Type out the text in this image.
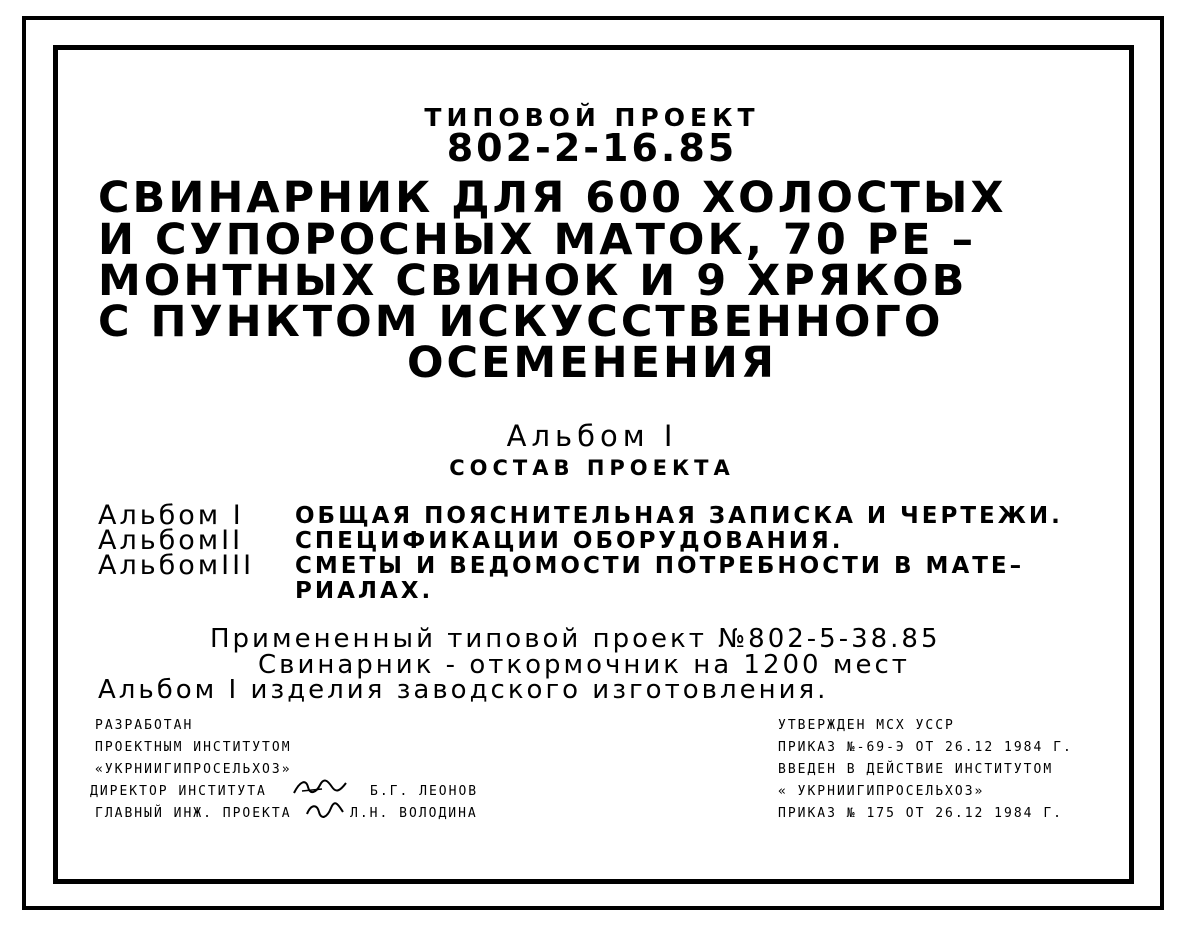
ТИПОВОЙ ПРОЕКТ
802-2-16.85
СВИНАРНИК ДЛЯ 600 ХОЛОСТЫХ
И СУПОРОСНЫХ МАТОК, 70 РЕ –
МОНТНЫХ СВИНОК И 9 ХРЯКОВ
С ПУНКТОМ ИСКУССТВЕННОГО
ОСЕМЕНЕНИЯ
Альбом I
СОСТАВ ПРОЕКТА
Альбом I ОБЩАЯ ПОЯСНИТЕЛЬНАЯ ЗАПИСКА И ЧЕРТЕЖИ.
АльбомII СПЕЦИФИКАЦИИ ОБОРУДОВАНИЯ.
АльбомIII СМЕТЫ И ВЕДОМОСТИ ПОТРЕБНОСТИ В МАТЕ–
РИАЛАХ.
Примененный типовой проект №802-5-38.85
Свинарник - откормочник на 1200 мест
Альбом I изделия заводского изготовления.
РАЗРАБОТАН
ПРОЕКТНЫМ ИНСТИТУТОМ
«УКРНИИГИПРОСЕЛЬХОЗ»
ДИРЕКТОР ИНСТИТУТА	Б.Г. ЛЕОНОВ
ГЛАВНЫЙ ИНЖ. ПРОЕКТА	Л.Н. ВОЛОДИНА
УТВЕРЖДЕН МСХ УССР
ПРИКАЗ №-69-Э ОТ 26.12 1984 Г.
ВВЕДЕН В ДЕЙСТВИЕ ИНСТИТУТОМ
« УКРНИИГИПРОСЕЛЬХОЗ»
ПРИКАЗ № 175 ОТ 26.12 1984 Г.
